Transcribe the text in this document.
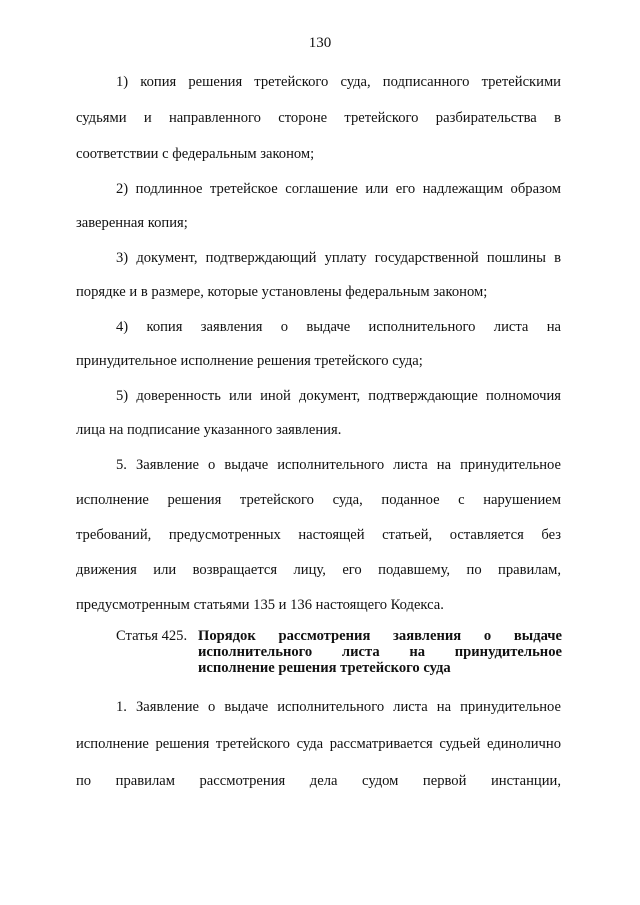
130
1) копия решения третейского суда, подписанного третейскими
судьями и направленного стороне третейского разбирательства в
соответствии с федеральным законом;
2) подлинное третейское соглашение или его надлежащим образом
заверенная копия;
3) документ, подтверждающий уплату государственной пошлины в
порядке и в размере, которые установлены федеральным законом;
4) копия заявления о выдаче исполнительного листа на
принудительное исполнение решения третейского суда;
5) доверенность или иной документ, подтверждающие полномочия
лица на подписание указанного заявления.
5. Заявление о выдаче исполнительного листа на принудительное
исполнение решения третейского суда, поданное с нарушением
требований, предусмотренных настоящей статьей, оставляется без
движения или возвращается лицу, его подавшему, по правилам,
предусмотренным статьями 135 и 136 настоящего Кодекса.
Статья 425. Порядок рассмотрения заявления о выдаче
исполнительного листа на принудительное
исполнение решения третейского суда
1. Заявление о выдаче исполнительного листа на принудительное
исполнение решения третейского суда рассматривается судьей единолично
по правилам рассмотрения дела судом первой инстанции,
